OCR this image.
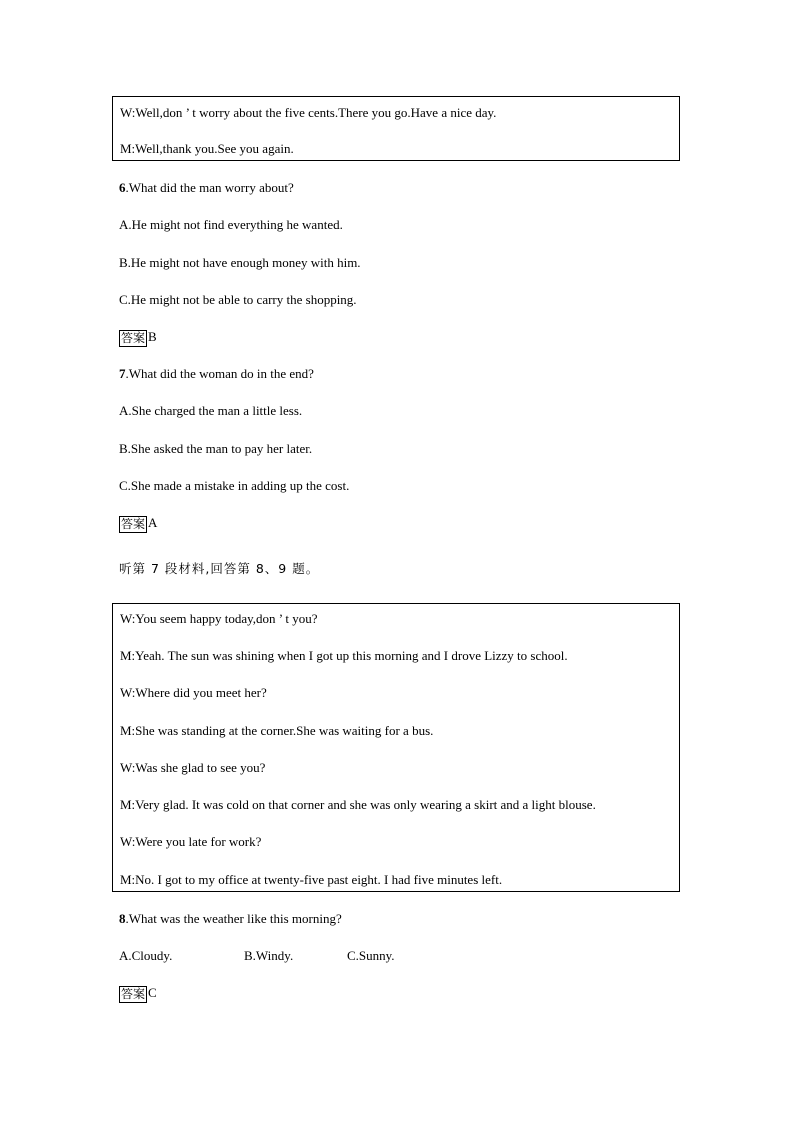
W:Well,don ’ t worry about the five cents.There you go.Have a nice day.
M:Well,thank you.See you again.
6.What did the man worry about?
A.He might not find everything he wanted.
B.He might not have enough money with him.
C.He might not be able to carry the shopping.
答案 B
7.What did the woman do in the end?
A.She charged the man a little less.
B.She asked the man to pay her later.
C.She made a mistake in adding up the cost.
答案 A
听第 7 段材料,回答第 8、9 题。
W:You seem happy today,don ’ t you?
M:Yeah. The sun was shining when I got up this morning and I drove Lizzy to school.
W:Where did you meet her?
M:She was standing at the corner.She was waiting for a bus.
W:Was she glad to see you?
M:Very glad. It was cold on that corner and she was only wearing a skirt and a light blouse.
W:Were you late for work?
M:No. I got to my office at twenty-five past eight. I had five minutes left.
8.What was the weather like this morning?
A.Cloudy.	B.Windy.	C.Sunny.
答案 C
